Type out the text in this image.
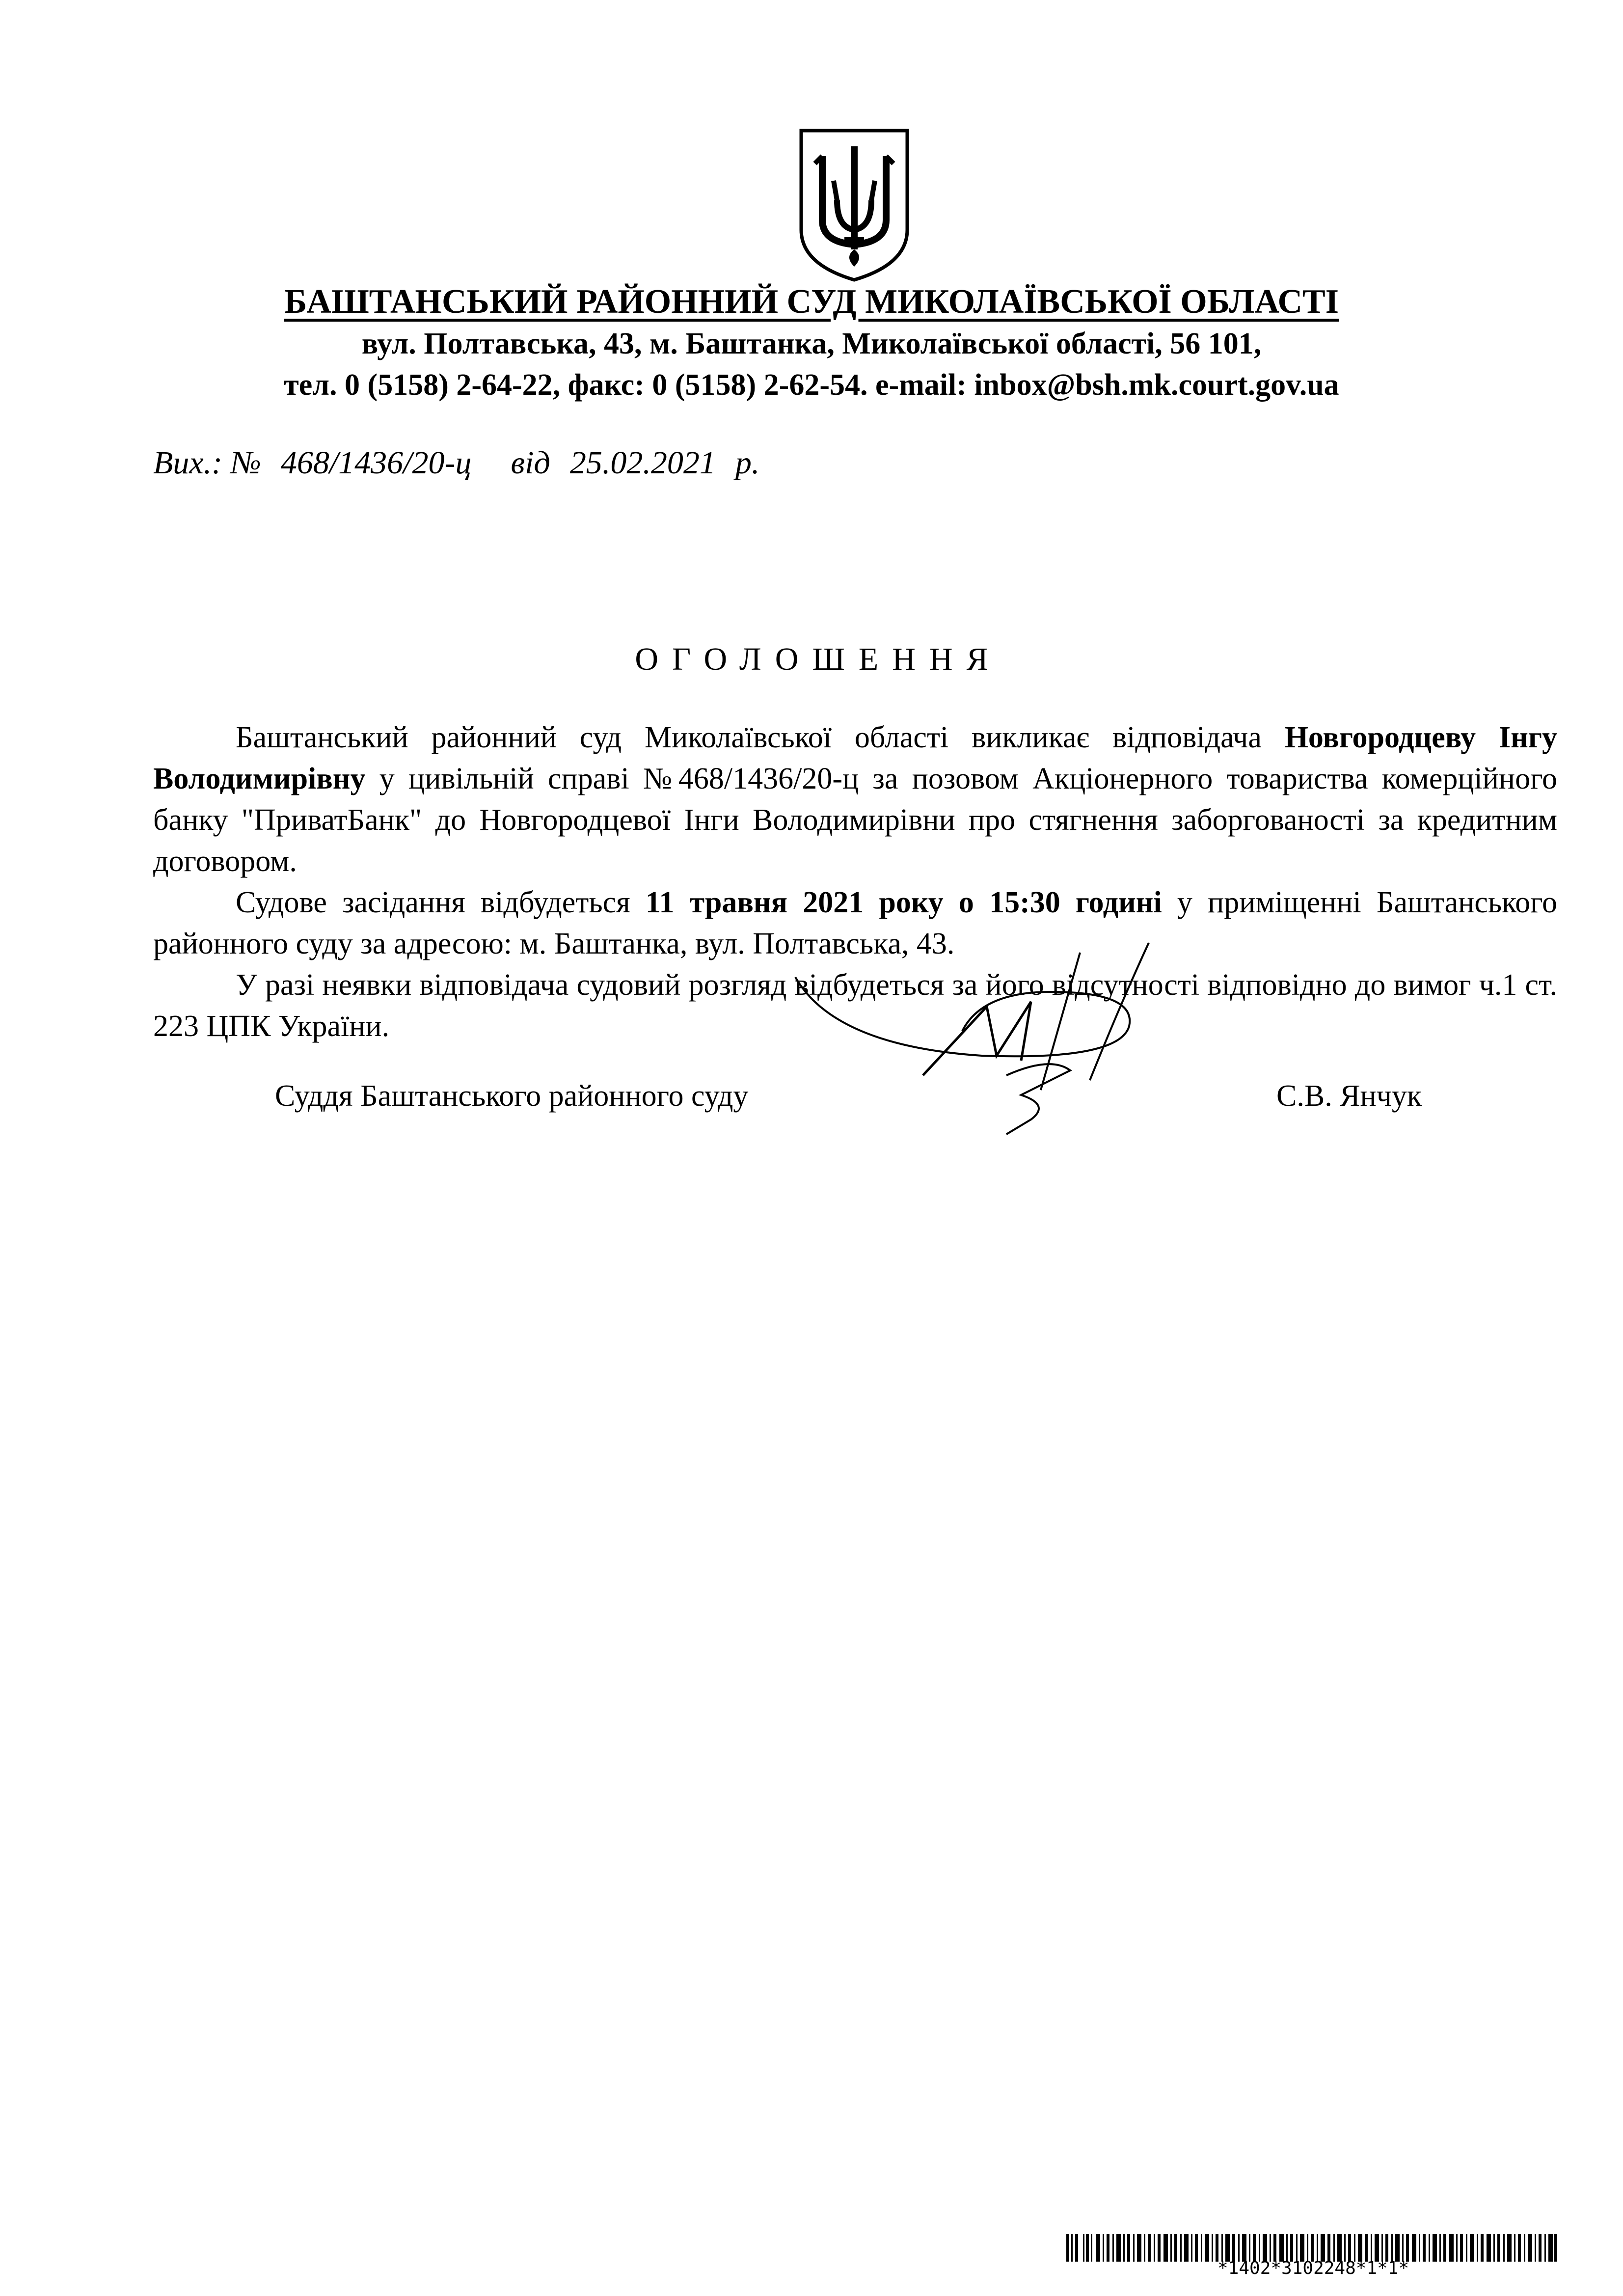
БАШТАНСЬКИЙ РАЙОННИЙ СУД МИКОЛАЇВСЬКОЇ ОБЛАСТІ
вул. Полтавська, 43, м. Баштанка, Миколаївської області, 56 101,
тел. 0 (5158) 2-64-22, факс: 0 (5158) 2-62-54. e-mail: inbox@bsh.mk.court.gov.ua
Вих.: № 468/1436/20-ц від 25.02.2021 р.
ОГОЛОШЕННЯ

Баштанський районний суд Миколаївської області викликає відповідача Новгородцеву Інгу Володимирівну у цивільній справі №468/1436/20-ц за позовом Акціонерного товариства комерційного банку "ПриватБанк" до Новгородцевої Інги Володимирівни про стягнення заборгованості за кредитним договором.

Судове засідання відбудеться 11 травня 2021 року о 15:30 годині у приміщенні Баштанського районного суду за адресою: м. Баштанка, вул. Полтавська, 43.

У разі неявки відповідача судовий розгляд відбудеться за його відсутності відповідно до вимог ч.1 ст. 223 ЦПК України.

Суддя Баштанського районного суду	С.В. Янчук
*1402*3102248*1*1*
